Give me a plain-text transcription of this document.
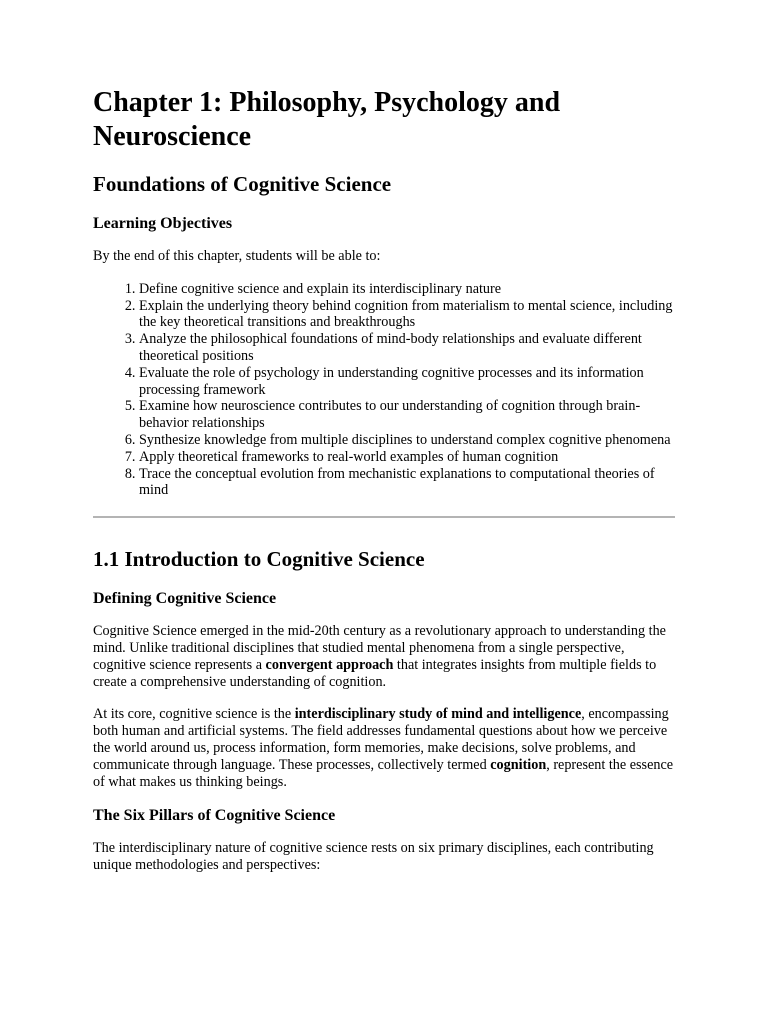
Chapter 1: Philosophy, Psychology and Neuroscience
Foundations of Cognitive Science
Learning Objectives

By the end of this chapter, students will be able to:

1. Define cognitive science and explain its interdisciplinary nature
2. Explain the underlying theory behind cognition from materialism to mental science, including the key theoretical transitions and breakthroughs
3. Analyze the philosophical foundations of mind-body relationships and evaluate different theoretical positions
4. Evaluate the role of psychology in understanding cognitive processes and its information processing framework
5. Examine how neuroscience contributes to our understanding of cognition through brain-behavior relationships
6. Synthesize knowledge from multiple disciplines to understand complex cognitive phenomena
7. Apply theoretical frameworks to real-world examples of human cognition
8. Trace the conceptual evolution from mechanistic explanations to computational theories of mind
1.1 Introduction to Cognitive Science
Defining Cognitive Science

Cognitive Science emerged in the mid-20th century as a revolutionary approach to understanding the mind. Unlike traditional disciplines that studied mental phenomena from a single perspective, cognitive science represents a convergent approach that integrates insights from multiple fields to create a comprehensive understanding of cognition.

At its core, cognitive science is the interdisciplinary study of mind and intelligence, encompassing both human and artificial systems. The field addresses fundamental questions about how we perceive the world around us, process information, form memories, make decisions, solve problems, and communicate through language. These processes, collectively termed cognition, represent the essence of what makes us thinking beings.

The Six Pillars of Cognitive Science

The interdisciplinary nature of cognitive science rests on six primary disciplines, each contributing unique methodologies and perspectives:
